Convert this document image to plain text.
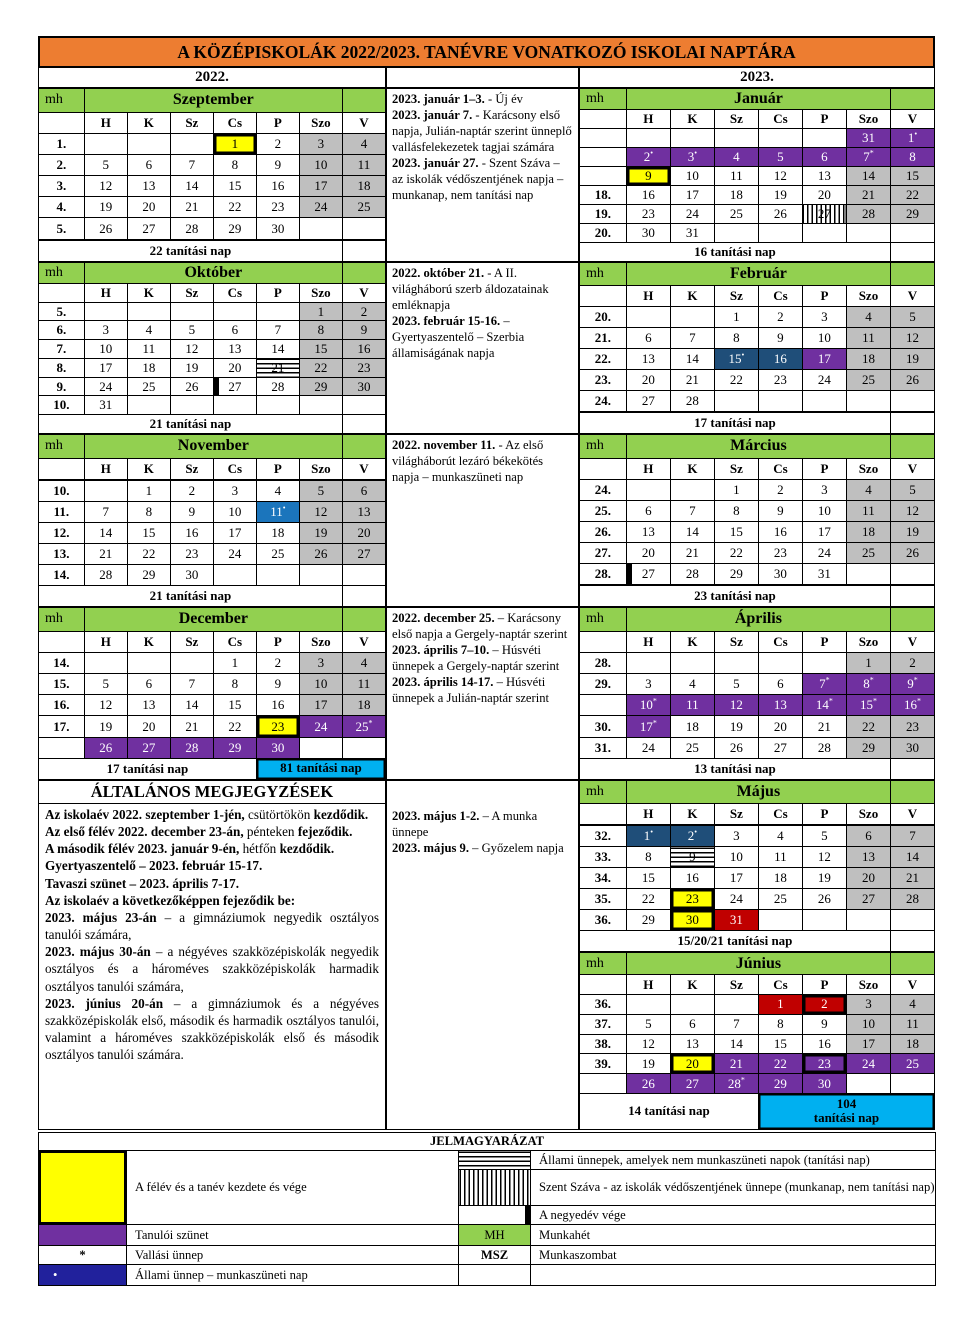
A KÖZÉPISKOLÁK 2022/2023. TANÉVRE VONATKOZÓ ISKOLAI NAPTÁRA
2022.	2023.
mh	Szeptember						
	H	K	Sz	Cs	P	Szo	V
1.				1	2	3	4
2.	5	6	7	8	9	10	11
3.	12	13	14	15	16	17	18
4.	19	20	21	22	23	24	25
5.	26	27	28	29	30		

22 tanítási nap							
mh	Október						
	H	K	Sz	Cs	P	Szo	V
5.						1	2
6.	3	4	5	6	7	8	9
7.	10	11	12	13	14	15	16
8.	17	18	19	20	21	22	23
9.	24	25	26	27	28	29	30
10.	31						
21 tanítási nap							
mh	November						
	H	K	Sz	Cs	P	Szo	V

10.		1	2	3	4	5	6
11.	7	8	9	10	11•	12	13
12.	14	15	16	17	18	19	20
13.	21	22	23	24	25	26	27
14.	28	29	30				
21 tanítási nap							
mh	December						
	H	K	Sz	Cs	P	Szo	V
14.				1	2	3	4
15.	5	6	7	8	9	10	11
16.	12	13	14	15	16	17	18
17.	19	20	21	22	23	24	25*
	26	27	28	29	30		
17 tanítási nap					81 tanítási nap		
ÁLTALÁNOS MEGJEGYZÉSEK

Az iskolaév 2022. szeptember 1-jén, csütörtökön kezdődik.

Az első félév 2022. december 23-án, pénteken fejeződik.

A második félév 2023. január 9-én, hétfőn kezdődik.

Gyertyaszentelő – 2023. február 15-17.

Tavaszi szünet – 2023. április 7-17.

Az iskolaév a következőképpen fejeződik be:

2023. május 23-án – a gimnáziumok negyedik osztályos tanulói számára,

2023. május 30-án – a négyéves szakközépiskolák negyedik osztályos és a hároméves szakközépiskolák harmadik osztályos tanulói számára,

2023. június 20-án – a gimnáziumok és a négyéves szakközépiskolák első, második és harmadik osztályos tanulói, valamint a hároméves szakközépiskolák első és második osztályos tanulói számára.

2023. január 1–3. - Új év

2023. január 7. - Karácsony első napja, Julián-naptár szerint ünneplő vallásfelekezetek tagjai számára

2023. január 27. - Szent Száva – az iskolák védőszentjének napja – munkanap, nem tanítási nap

2022. október 21. - A II. világháború szerb áldozatainak emléknapja

2023. február 15-16. – Gyertyaszentelő – Szerbia államiságának napja

2022. november 11. - Az első világháborút lezáró békekötés napja – munkaszüneti nap

2022. december 25. – Karácsony első napja a Gergely-naptár szerint

2023. április 7–10. – Húsvéti ünnepek a Gergely-naptár szerint

2023. április 14-17. – Húsvéti ünnepek a Julián-naptár szerint

2023. május 1-2. – A munka ünnepe

2023. május 9. – Győzelem napja

mh	Január						
	H	K	Sz	Cs	P	Szo	V
						31	1•
	2•	3•	4	5	6	7*	8
	9	10	11	12	13	14	15
18.	16	17	18	19	20	21	22
19.	23	24	25	26	27	28	29
20.	30	31					
16 tanítási nap							
mh	Február						
	H	K	Sz	Cs	P	Szo	V
20.			1	2	3	4	5
21.	6	7	8	9	10	11	12
22.	13	14	15•	16	17	18	19
23.	20	21	22	23	24	25	26
24.	27	28					

17 tanítási nap							
mh	Március						
	H	K	Sz	Cs	P	Szo	V
24.			1	2	3	4	5
25.	6	7	8	9	10	11	12
26.	13	14	15	16	17	18	19
27.	20	21	22	23	24	25	26
28.	27	28	29	30	31		

23 tanítási nap							
mh	Április						
	H	K	Sz	Cs	P	Szo	V
28.						1	2
29.	3	4	5	6	7*	8*	9*
	10*	11	12	13	14*	15*	16*
30.	17*	18	19	20	21	22	23
31.	24	25	26	27	28	29	30
13 tanítási nap							
mh	Május						
	H	K	Sz	Cs	P	Szo	V

32.	1•	2•	3	4	5	6	7
33.	8	9	10	11	12	13	14
34.	15	16	17	18	19	20	21
35.	22	23	24	25	26	27	28
36.	29	30	31				
15/20/21 tanítási nap							
mh	Június						
	H	K	Sz	Cs	P	Szo	V
36.				1	2	3	4
37.	5	6	7	8	9	10	11
38.	12	13	14	15	16	17	18
39.	19	20	21	22	23	24	25
	26	27	28*	29	30		
14 tanítási nap				104
tanítási nap			
JELMAGYARÁZAT			
	A félév és a tanév kezdete és vége		Állami ünnepek, amelyek nem munkaszüneti napok (tanítási nap)
			Szent Száva - az iskolák védőszentjének ünnepe (munkanap, nem tanítási nap)
			A negyedév vége
	Tanulói szünet	MH	Munkahét
*	Vallási ünnep	MSZ	Munkaszombat
•	Állami ünnep – munkaszüneti nap		
